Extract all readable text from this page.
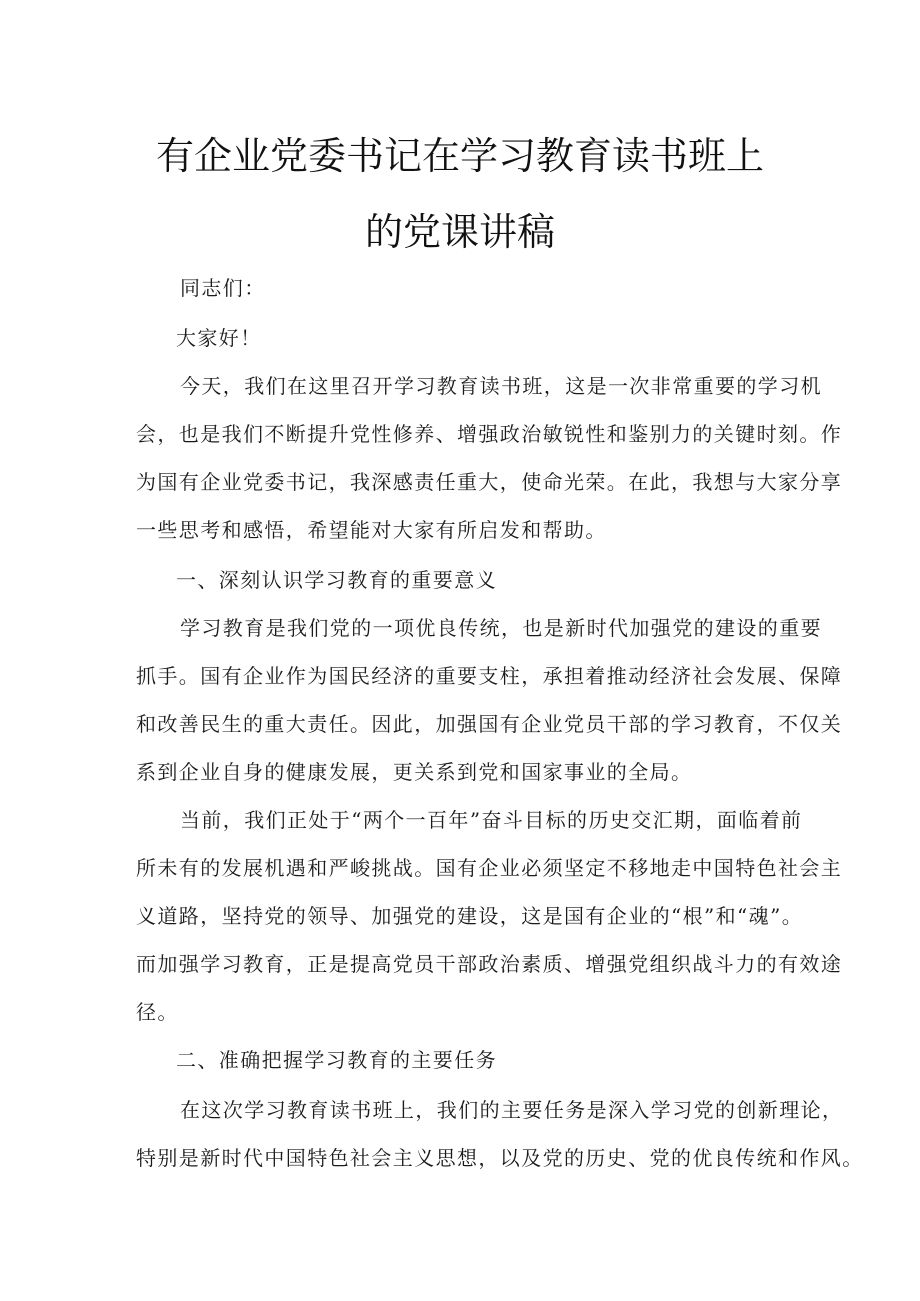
有企业党委书记在学习教育读书班上
的党课讲稿

同志们：

大家好！

今天，我们在这里召开学习教育读书班，这是一次非常重要的学习机

会，也是我们不断提升党性修养、增强政治敏锐性和鉴别力的关键时刻。作

为国有企业党委书记，我深感责任重大，使命光荣。在此，我想与大家分享

一些思考和感悟，希望能对大家有所启发和帮助。

一、深刻认识学习教育的重要意义

学习教育是我们党的一项优良传统，也是新时代加强党的建设的重要

抓手。国有企业作为国民经济的重要支柱，承担着推动经济社会发展、保障

和改善民生的重大责任。因此，加强国有企业党员干部的学习教育，不仅关

系到企业自身的健康发展，更关系到党和国家事业的全局。

当前，我们正处于“两个一百年”奋斗目标的历史交汇期，面临着前

所未有的发展机遇和严峻挑战。国有企业必须坚定不移地走中国特色社会主

义道路，坚持党的领导、加强党的建设，这是国有企业的“根”和“魂”。

而加强学习教育，正是提高党员干部政治素质、增强党组织战斗力的有效途

径。

二、准确把握学习教育的主要任务

在这次学习教育读书班上，我们的主要任务是深入学习党的创新理论，

特别是新时代中国特色社会主义思想，以及党的历史、党的优良传统和作风。
